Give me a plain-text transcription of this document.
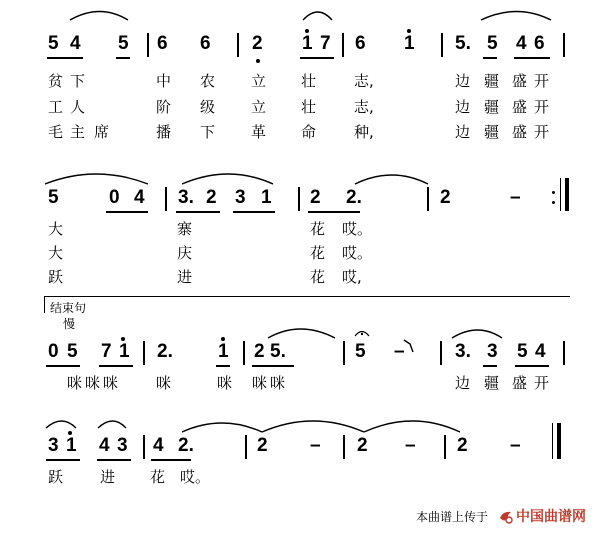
5 4 5 6 6 2 1 7 6 1 5. 5 4 6
贫 下	中 农 立 壮	志,	边 疆 盛 开
工 人	阶 级 立 壮	志,	边 疆 盛 开
毛 主 席	播 下 革 命	种,	边 疆 盛 开
5	0 4 3. 2 3 1 2 2.	2	–
大	寨	花 哎。
大	庆	花 哎。
跃	进	花 哎,
结束句
慢
0 5 7 1 2. 1 2 5.	5 –	3. 3 5 4
咪 咪 咪	咪	咪 咪 咪	边 疆 盛 开
3 1 4 3 4 2.	2 – 2 – 2 –
跃 进 花 哎。
本曲谱上传于 中国曲谱网
